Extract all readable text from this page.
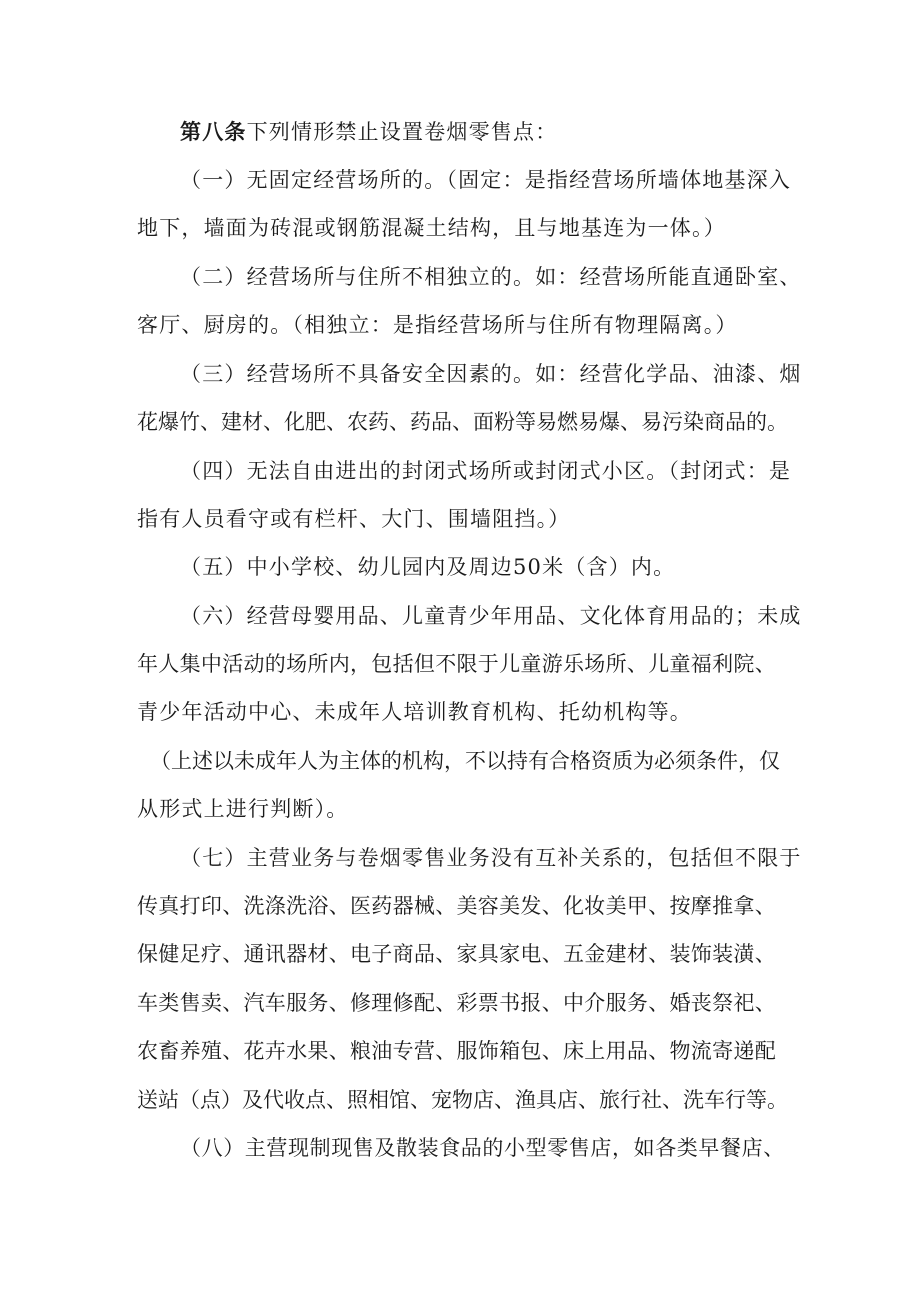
第八条下列情形禁止设置卷烟零售点：
（一）无固定经营场所的。（固定：是指经营场所墙体地基深入
地下，墙面为砖混或钢筋混凝土结构，且与地基连为一体。）
（二）经营场所与住所不相独立的。如：经营场所能直通卧室、
客厅、厨房的。（相独立：是指经营场所与住所有物理隔离。）
（三）经营场所不具备安全因素的。如：经营化学品、油漆、烟
花爆竹、建材、化肥、农药、药品、面粉等易燃易爆、易污染商品的。
（四）无法自由进出的封闭式场所或封闭式小区。（封闭式：是
指有人员看守或有栏杆、大门、围墙阻挡。）
（五）中小学校、幼儿园内及周边50米（含）内。
（六）经营母婴用品、儿童青少年用品、文化体育用品的；未成
年人集中活动的场所内，包括但不限于儿童游乐场所、儿童福利院、
青少年活动中心、未成年人培训教育机构、托幼机构等。
（上述以未成年人为主体的机构，不以持有合格资质为必须条件，仅
从形式上进行判断）。
（七）主营业务与卷烟零售业务没有互补关系的，包括但不限于
传真打印、洗涤洗浴、医药器械、美容美发、化妆美甲、按摩推拿、
保健足疗、通讯器材、电子商品、家具家电、五金建材、装饰装潢、
车类售卖、汽车服务、修理修配、彩票书报、中介服务、婚丧祭祀、
农畜养殖、花卉水果、粮油专营、服饰箱包、床上用品、物流寄递配
送站（点）及代收点、照相馆、宠物店、渔具店、旅行社、洗车行等。
（八）主营现制现售及散装食品的小型零售店，如各类早餐店、
